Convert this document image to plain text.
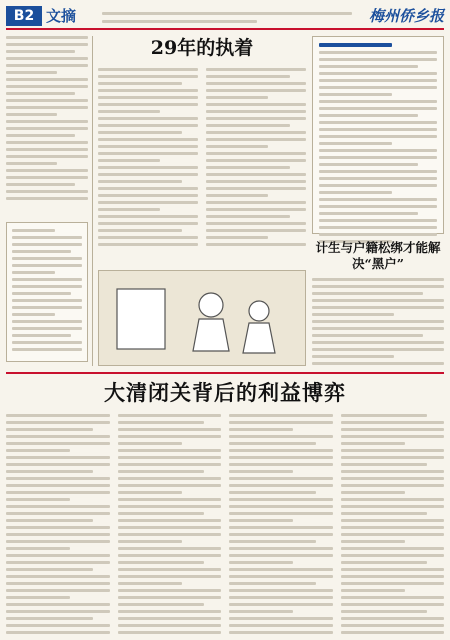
B2 文摘	梅州侨乡报
29年的执着
计生与户籍松绑才能解决“黑户”
大清闭关背后的利益博弈
